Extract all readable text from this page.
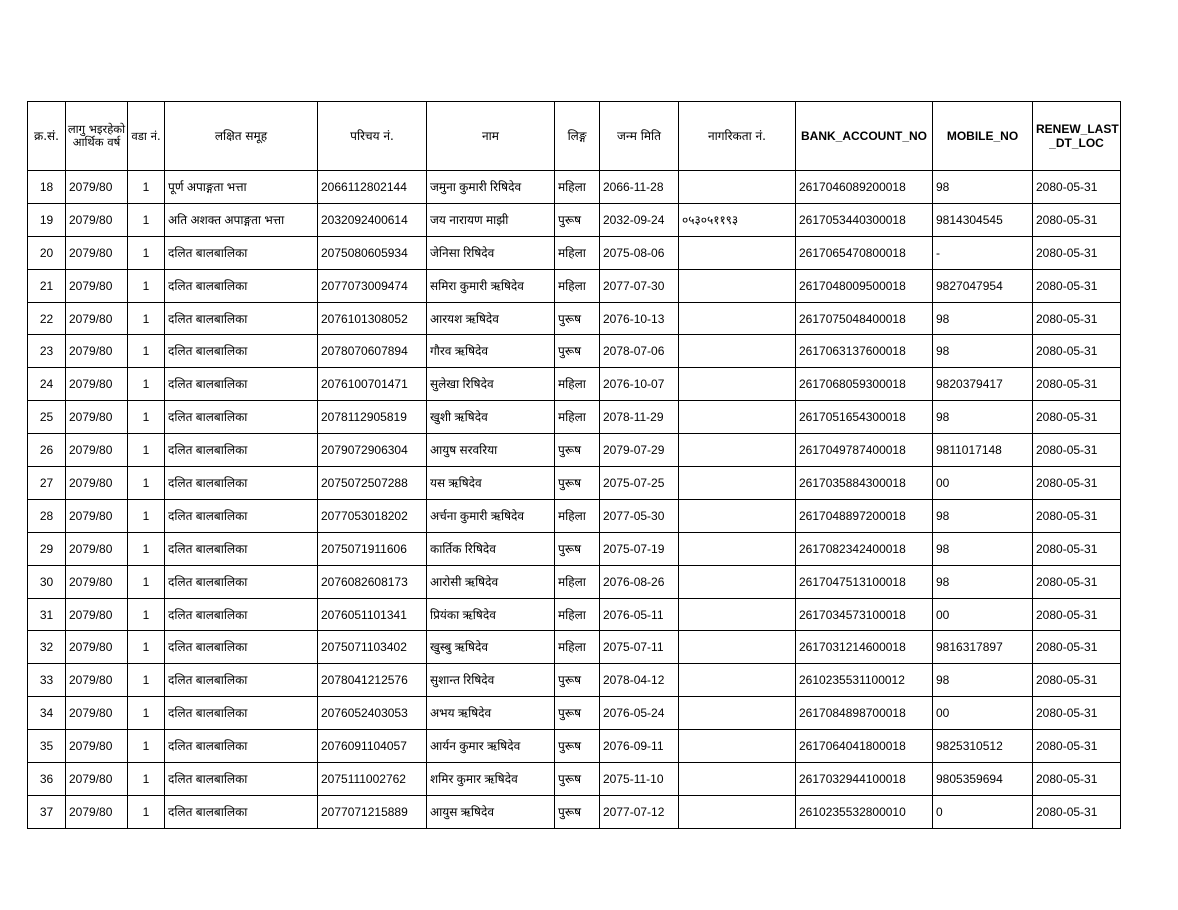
क्र.सं.	लागु भइरहेको आर्थिक वर्ष	वडा नं.	लक्षित समूह	परिचय नं.	नाम	लिङ्ग	जन्म मिति	नागरिकता नं.	BANK_ACCOUNT_NO	MOBILE_NO	RENEW_LAST _DT_LOC
18	2079/80	1	पूर्ण अपाङ्गता भत्ता	2066112802144	जमुना कुमारी रिषिदेव	महिला	2066-11-28		2617046089200018	98	2080-05-31
19	2079/80	1	अति अशक्त अपाङ्गता भत्ता	2032092400614	जय नारायण माझी	पुरूष	2032-09-24	०५३०५११९३	2617053440300018	9814304545	2080-05-31
20	2079/80	1	दलित बालबालिका	2075080605934	जेनिसा रिषिदेव	महिला	2075-08-06		2617065470800018	-	2080-05-31
21	2079/80	1	दलित बालबालिका	2077073009474	समिरा कुमारी ऋषिदेव	महिला	2077-07-30		2617048009500018	9827047954	2080-05-31
22	2079/80	1	दलित बालबालिका	2076101308052	आरयश ऋषिदेव	पुरूष	2076-10-13		2617075048400018	98	2080-05-31
23	2079/80	1	दलित बालबालिका	2078070607894	गौरव ऋषिदेव	पुरूष	2078-07-06		2617063137600018	98	2080-05-31
24	2079/80	1	दलित बालबालिका	2076100701471	सुलेखा रिषिदेव	महिला	2076-10-07		2617068059300018	9820379417	2080-05-31
25	2079/80	1	दलित बालबालिका	2078112905819	खुशी ऋषिदेव	महिला	2078-11-29		2617051654300018	98	2080-05-31
26	2079/80	1	दलित बालबालिका	2079072906304	आयुष सरवरिया	पुरूष	2079-07-29		2617049787400018	9811017148	2080-05-31
27	2079/80	1	दलित बालबालिका	2075072507288	यस ऋषिदेव	पुरूष	2075-07-25		2617035884300018	00	2080-05-31
28	2079/80	1	दलित बालबालिका	2077053018202	अर्चना कुमारी ऋषिदेव	महिला	2077-05-30		2617048897200018	98	2080-05-31
29	2079/80	1	दलित बालबालिका	2075071911606	कार्तिक रिषिदेव	पुरूष	2075-07-19		2617082342400018	98	2080-05-31
30	2079/80	1	दलित बालबालिका	2076082608173	आरोसी ऋषिदेव	महिला	2076-08-26		2617047513100018	98	2080-05-31
31	2079/80	1	दलित बालबालिका	2076051101341	प्रियंका ऋषिदेव	महिला	2076-05-11		2617034573100018	00	2080-05-31
32	2079/80	1	दलित बालबालिका	2075071103402	खुस्बु ऋषिदेव	महिला	2075-07-11		2617031214600018	9816317897	2080-05-31
33	2079/80	1	दलित बालबालिका	2078041212576	सुशान्त रिषिदेव	पुरूष	2078-04-12		2610235531100012	98	2080-05-31
34	2079/80	1	दलित बालबालिका	2076052403053	अभय ऋषिदेव	पुरूष	2076-05-24		2617084898700018	00	2080-05-31
35	2079/80	1	दलित बालबालिका	2076091104057	आर्यन कुमार ऋषिदेव	पुरूष	2076-09-11		2617064041800018	9825310512	2080-05-31
36	2079/80	1	दलित बालबालिका	2075111002762	शमिर कुमार ऋषिदेव	पुरूष	2075-11-10		2617032944100018	9805359694	2080-05-31
37	2079/80	1	दलित बालबालिका	2077071215889	आयुस ऋषिदेव	पुरूष	2077-07-12		2610235532800010	0	2080-05-31
